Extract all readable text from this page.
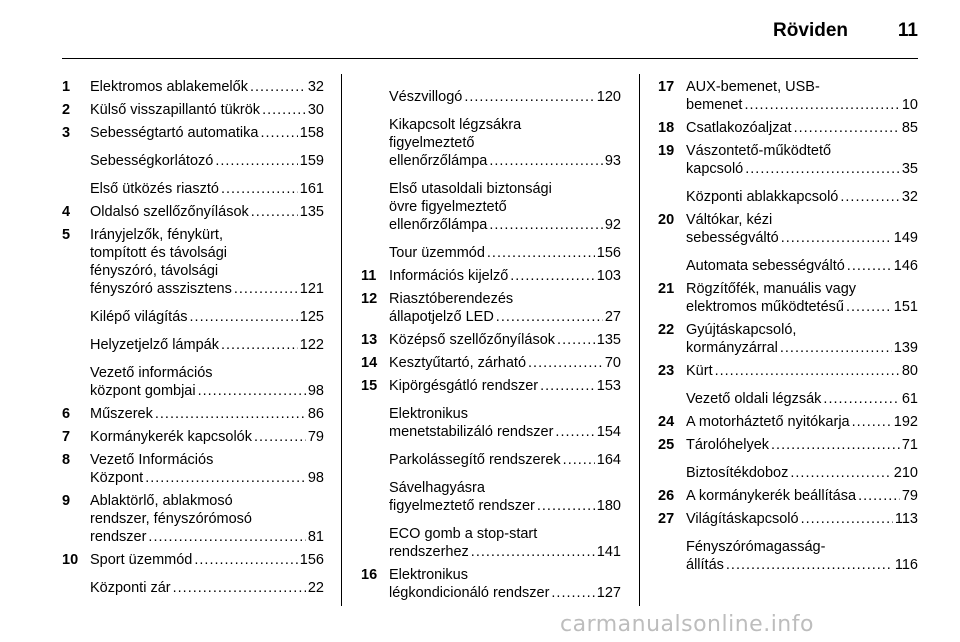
Röviden	11
1 Elektromos ablakemelők .....	32
2 Külső visszapillantó tükrök .....	30
3 Sebességtartó automatika .....	158
Sebességkorlátozó .....	159
Első ütközés riasztó .....	161
4 Oldalsó szellőzőnyílások .....	135
5 Irányjelzők, fénykürt,
tompított és távolsági
fényszóró, távolsági
fényszóró asszisztens .....	121
Kilépő világítás .....	125
Helyzetjelző lámpák .....	122
Vezető információs
központ gombjai .....	98
6 Műszerek .....	86
7 Kormánykerék kapcsolók .....	79
8 Vezető Információs
Központ .....	98
9 Ablaktörlő, ablakmosó
rendszer, fényszórómosó
rendszer .....	81
10 Sport üzemmód .....	156
Központi zár .....	22
Vészvillogó .....	120
Kikapcsolt légzsákra
figyelmeztető
ellenőrzőlámpa .....	93
Első utasoldali biztonsági
övre figyelmeztető
ellenőrzőlámpa .....	92
Tour üzemmód .....	156
11 Információs kijelző .....	103
12 Riasztóberendezés
állapotjelző LED .....	27
13 Középső szellőzőnyílások .....	135
14 Kesztyűtartó, zárható .....	70
15 Kipörgésgátló rendszer .....	153
Elektronikus
menetstabilizáló rendszer .....	154
Parkolássegítő rendszerek ..... 164
Sávelhagyásra
figyelmeztető rendszer .....	180
ECO gomb a stop-start
rendszerhez .....	141
16 Elektronikus
légkondicionáló rendszer .....	127
17 AUX-bemenet, USB-
bemenet .....	10
18 Csatlakozóaljzat .....	85
19 Vászontető-működtető
kapcsoló .....	35
Központi ablakkapcsoló .....	32
20 Váltókar, kézi
sebességváltó .....	149
Automata sebességváltó .....	146
21 Rögzítőfék, manuális vagy
elektromos működtetésű .....	151
22 Gyújtáskapcsoló,
kormányzárral .....	139
23 Kürt .....	80
Vezető oldali légzsák .....	61
24 A motorháztető nyitókarja .....	192
25 Tárolóhelyek .....	71
Biztosítékdoboz .....	210
26 A kormánykerék beállítása .....	79
27 Világításkapcsoló .....	113
Fényszórómagasság-
állítás .....	116
carmanualsonline.info
